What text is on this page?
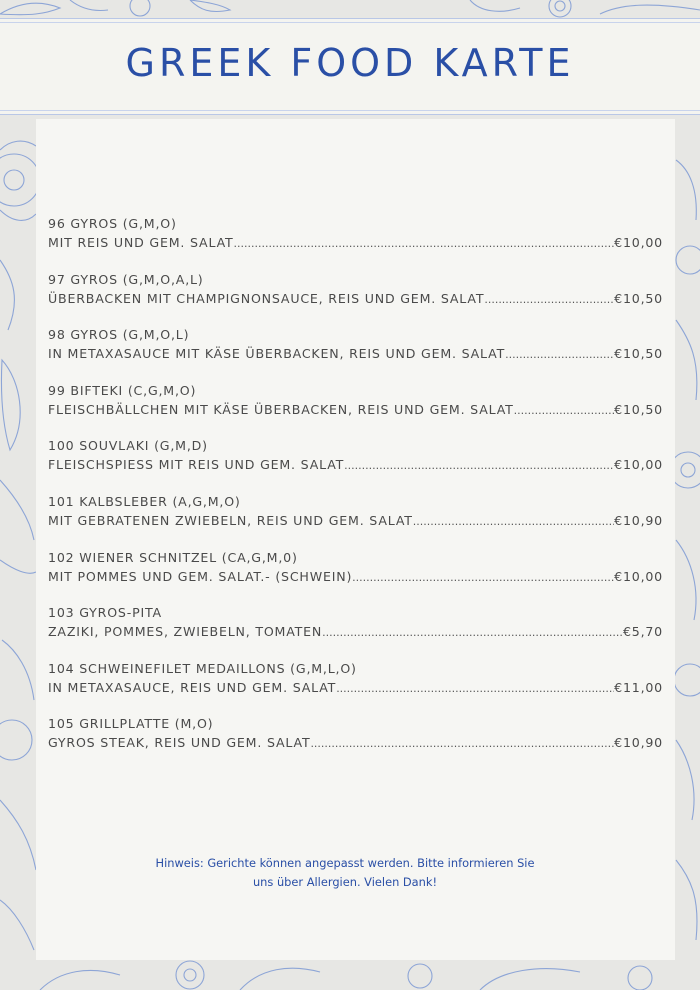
GREEK FOOD KARTE
96 GYROS (G,M,O)
MIT REIS UND GEM. SALAT .....	€10,00
97 GYROS (G,M,O,A,L)
ÜBERBACKEN MIT CHAMPIGNONSAUCE, REIS UND GEM. SALAT .....	€10,50
98 GYROS (G,M,O,L)
IN METAXASAUCE MIT KÄSE ÜBERBACKEN, REIS UND GEM. SALAT .....	€10,50
99 BIFTEKI (C,G,M,O)
FLEISCHBÄLLCHEN MIT KÄSE ÜBERBACKEN, REIS UND GEM. SALAT .....	€10,50
100 SOUVLAKI (G,M,D)
FLEISCHSPIESS MIT REIS UND GEM. SALAT .....	€10,00
101 KALBSLEBER (A,G,M,O)
MIT GEBRATENEN ZWIEBELN, REIS UND GEM. SALAT .....	€10,90
102 WIENER SCHNITZEL (CA,G,M,0)
MIT POMMES UND GEM. SALAT.- (SCHWEIN) .....	€10,00
103 GYROS-PITA
ZAZIKI, POMMES, ZWIEBELN, TOMATEN .....	€5,70
104 SCHWEINEFILET MEDAILLONS (G,M,L,O)
IN METAXASAUCE, REIS UND GEM. SALAT .....	€11,00
105 GRILLPLATTE (M,O)
GYROS STEAK, REIS UND GEM. SALAT .....	€10,90
Hinweis: Gerichte können angepasst werden. Bitte informieren Sie
uns über Allergien. Vielen Dank!
